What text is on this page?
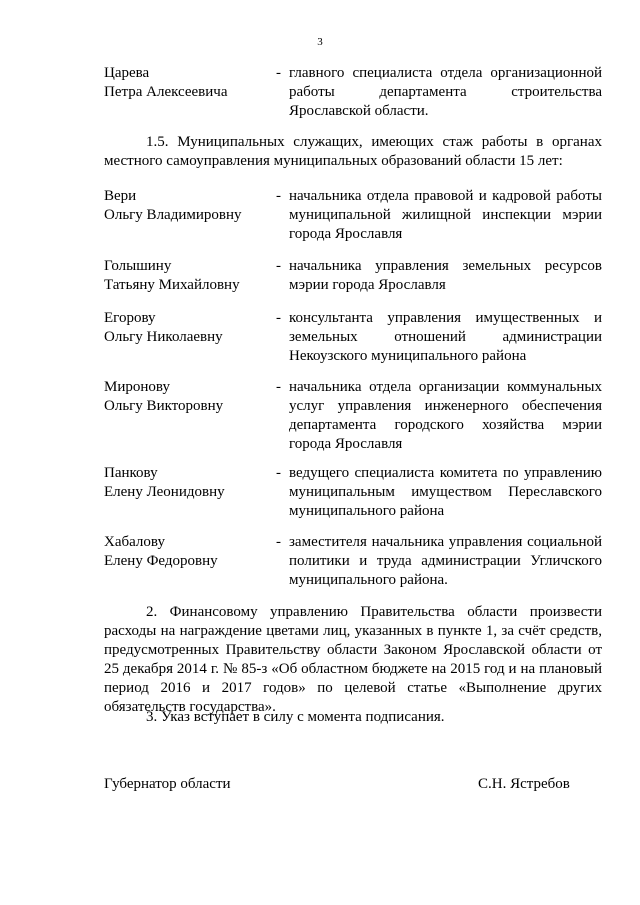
3
Царева
Петра Алексеевича
- главного специалиста отдела организационной работы департамента строительства Ярославской области.
1.5. Муниципальных служащих, имеющих стаж работы в органах местного самоуправления муниципальных образований области 15 лет:
Вери
Ольгу Владимировну
- начальника отдела правовой и кадровой работы муниципальной жилищной инспекции мэрии города Ярославля
Голышину
Татьяну Михайловну
- начальника управления земельных ресурсов мэрии города Ярославля
Егорову
Ольгу Николаевну
- консультанта управления имущественных и земельных отношений администрации Некоузского муниципального района
Миронову
Ольгу Викторовну
- начальника отдела организации коммунальных услуг управления инженерного обеспечения департамента городского хозяйства мэрии города Ярославля
Панкову
Елену Леонидовну
- ведущего специалиста комитета по управлению муниципальным имуществом Переславского муниципального района
Хабалову
Елену Федоровну
- заместителя начальника управления социальной политики и труда администрации Угличского муниципального района.
2. Финансовому управлению Правительства области произвести расходы на награждение цветами лиц, указанных в пункте 1, за счёт средств, предусмотренных Правительству области Законом Ярославской области от 25 декабря 2014 г. № 85-з «Об областном бюджете на 2015 год и на плановый период 2016 и 2017 годов» по целевой статье «Выполнение других обязательств государства».
3. Указ вступает в силу с момента подписания.
Губернатор области	С.Н. Ястребов
